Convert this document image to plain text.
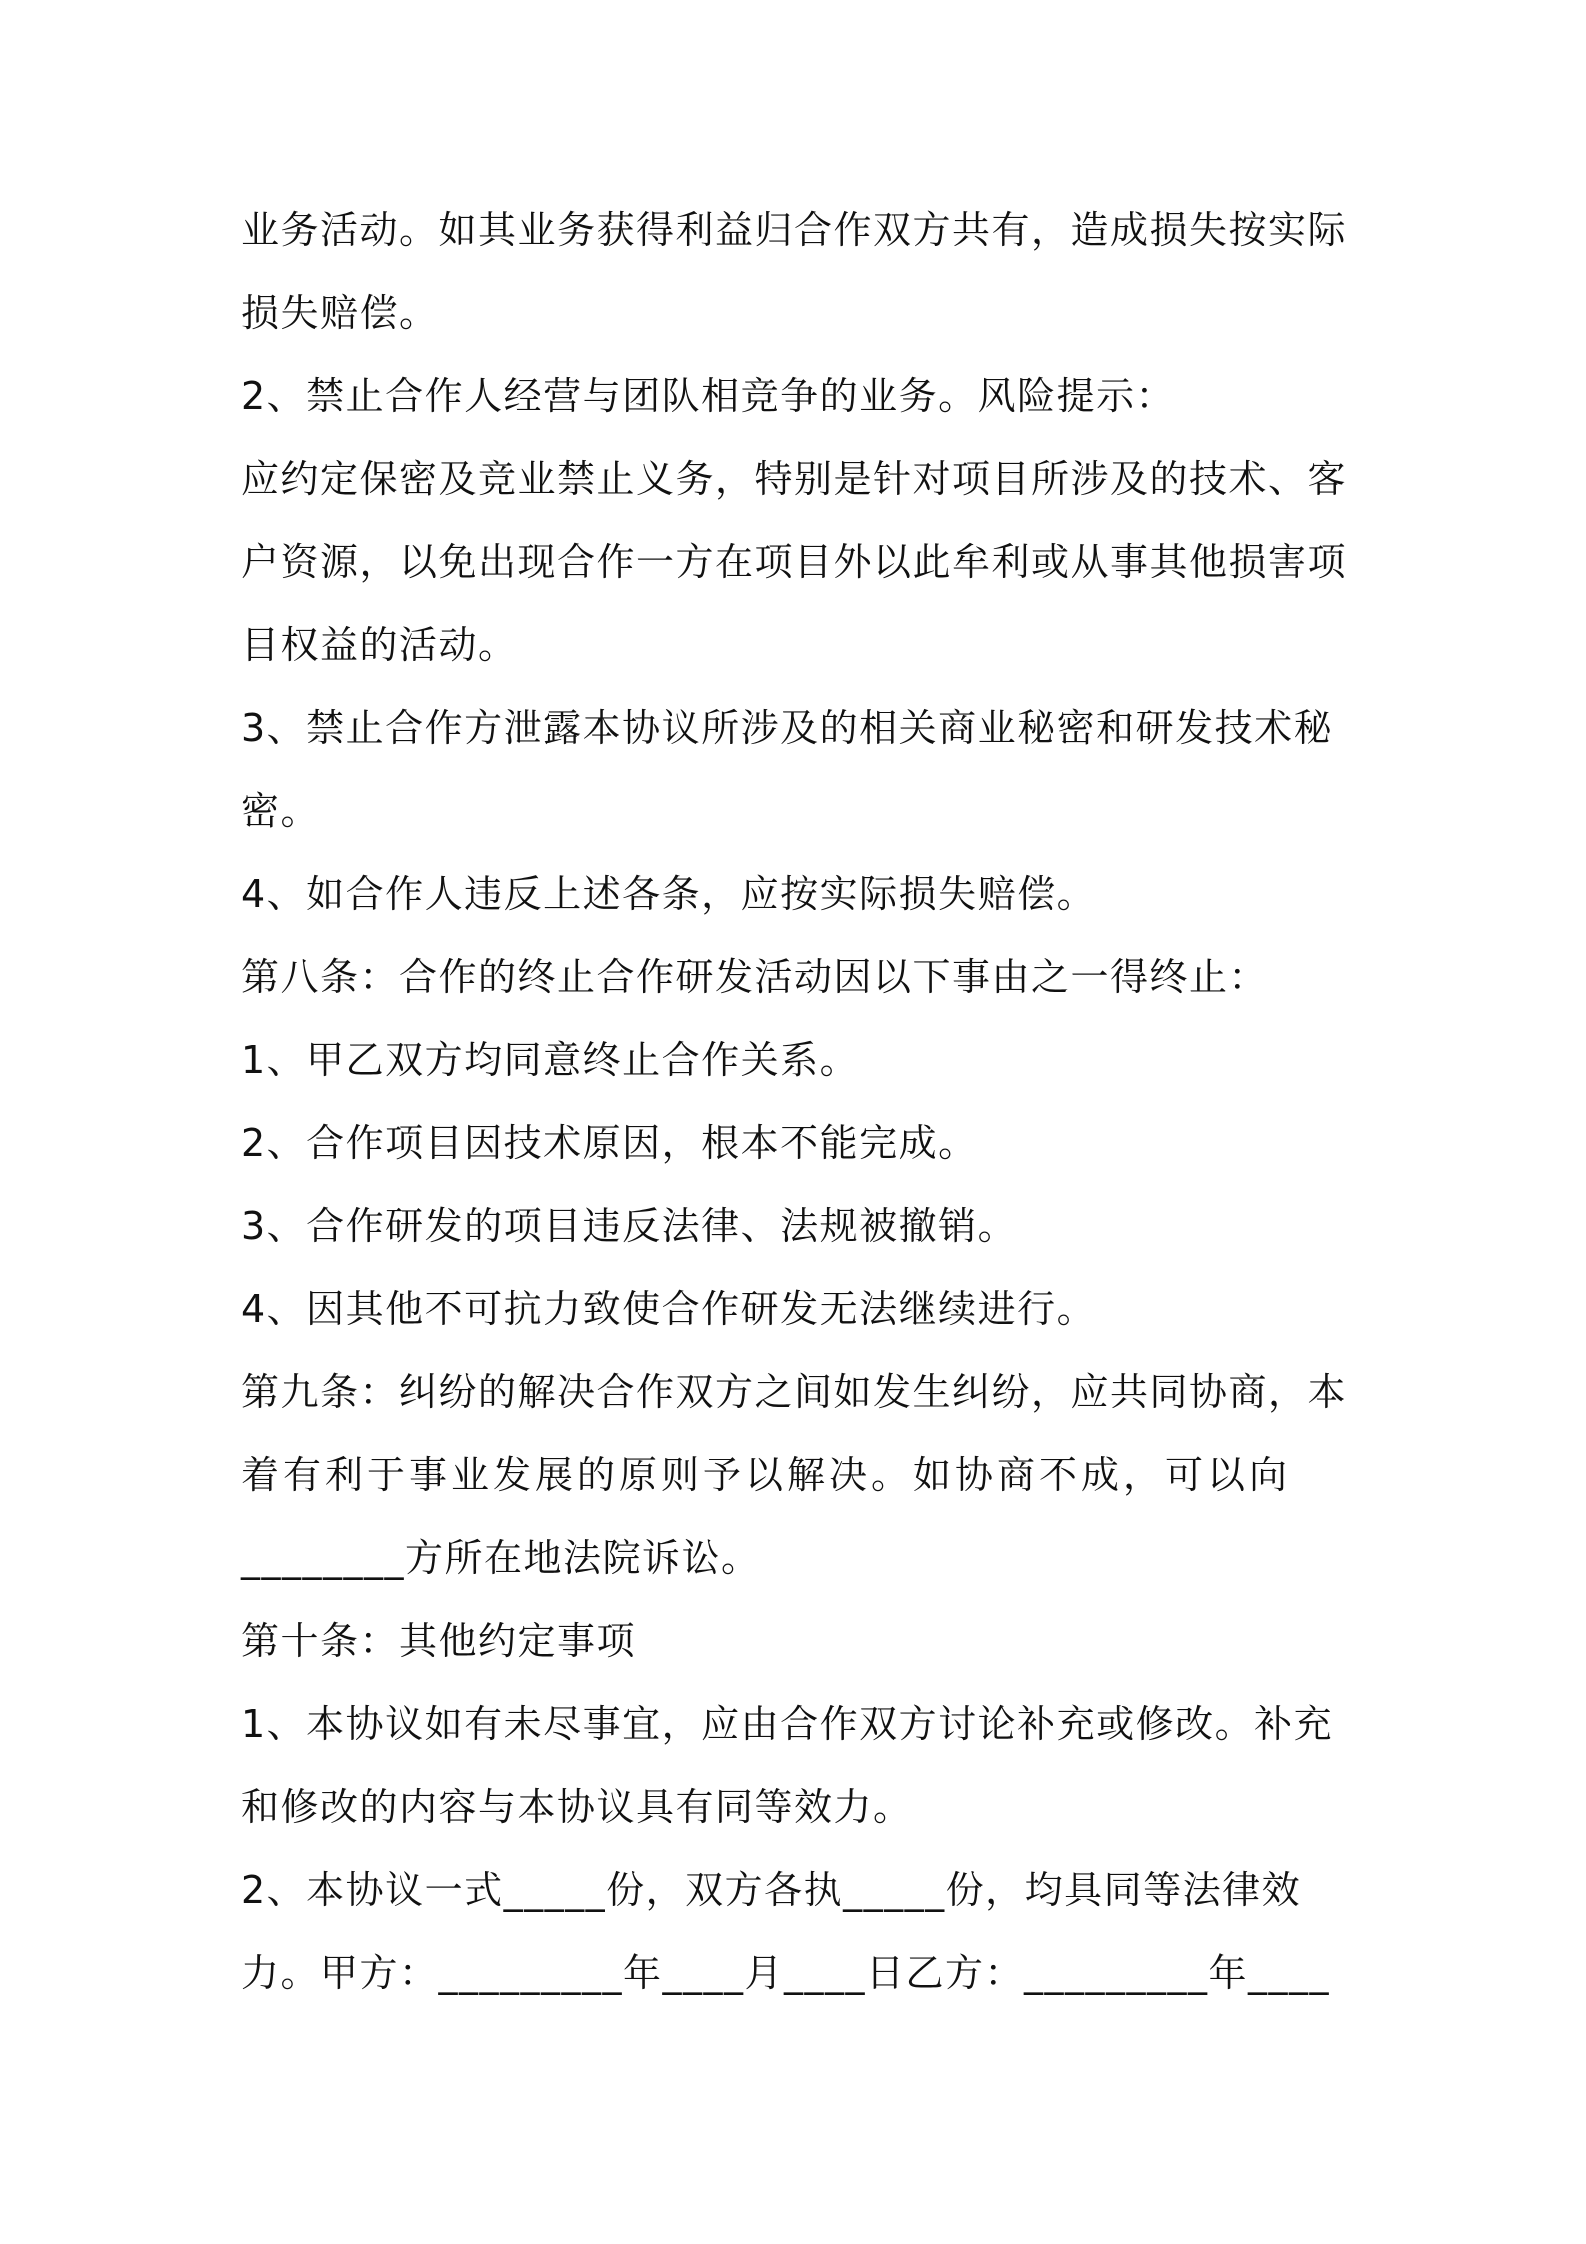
业务活动。如其业务获得利益归合作双方共有，造成损失按实际
损失赔偿。
2、禁止合作人经营与团队相竞争的业务。风险提示：
应约定保密及竞业禁止义务，特别是针对项目所涉及的技术、客
户资源，以免出现合作一方在项目外以此牟利或从事其他损害项
目权益的活动。
3、禁止合作方泄露本协议所涉及的相关商业秘密和研发技术秘
密。
4、如合作人违反上述各条，应按实际损失赔偿。
第八条：合作的终止合作研发活动因以下事由之一得终止：
1、甲乙双方均同意终止合作关系。
2、合作项目因技术原因，根本不能完成。
3、合作研发的项目违反法律、法规被撤销。
4、因其他不可抗力致使合作研发无法继续进行。
第九条：纠纷的解决合作双方之间如发生纠纷，应共同协商，本
着有利于事业发展的原则予以解决。如协商不成，可以向
________方所在地法院诉讼。
第十条：其他约定事项
1、本协议如有未尽事宜，应由合作双方讨论补充或修改。补充
和修改的内容与本协议具有同等效力。
2、本协议一式_____份，双方各执_____份，均具同等法律效
力。甲方：_________年____月____日乙方：_________年____
